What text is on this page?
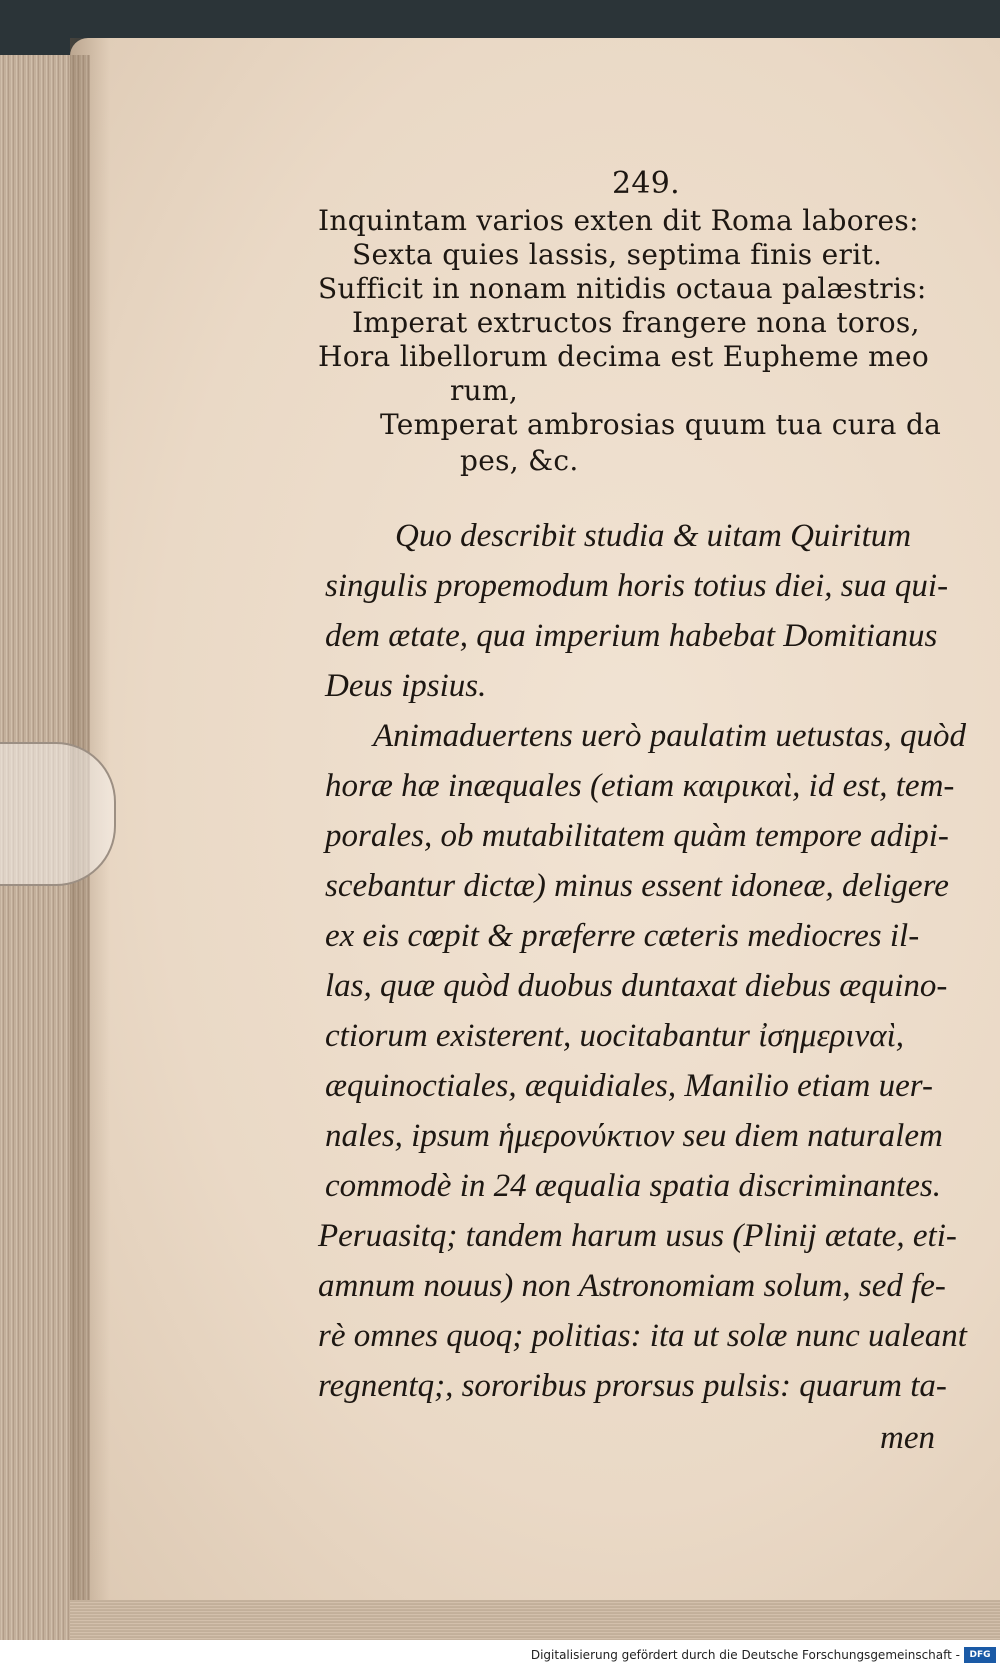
249.
Inquintam varios exten dit Roma labores:
Sexta quies lassis, septima finis erit.
Sufficit in nonam nitidis octaua palæstris:
Imperat extructos frangere nona toros,
Hora libellorum decima est Eupheme meo
rum,
Temperat ambrosias quum tua cura da
pes, &c.
Quo describit studia & uitam Quiritum
singulis propemodum horis totius diei, sua qui-
dem ætate, qua imperium habebat Domitianus
Deus ipsius.
Animaduertens uerò paulatim uetustas, quòd
horæ hæ inæquales (etiam καιρικαὶ, id est, tem-
porales, ob mutabilitatem quàm tempore adipi-
scebantur dictæ) minus essent idoneæ, deligere
ex eis cœpit & præferre cæteris mediocres il-
las, quæ quòd duobus duntaxat diebus æquino-
ctiorum existerent, uocitabantur ἰσημεριναὶ,
æquinoctiales, æquidiales, Manilio etiam uer-
nales, ipsum ἡμερονύκτιον seu diem naturalem
commodè in 24 æqualia spatia discriminantes.
Peruasitq; tandem harum usus (Plinij ætate, eti-
amnum nouus) non Astronomiam solum, sed fe-
rè omnes quoq; politias: ita ut solæ nunc ualeant
regnentq;, sororibus prorsus pulsis: quarum ta-
men
Digitalisierung gefördert durch die Deutsche Forschungsgemeinschaft -	DFG
